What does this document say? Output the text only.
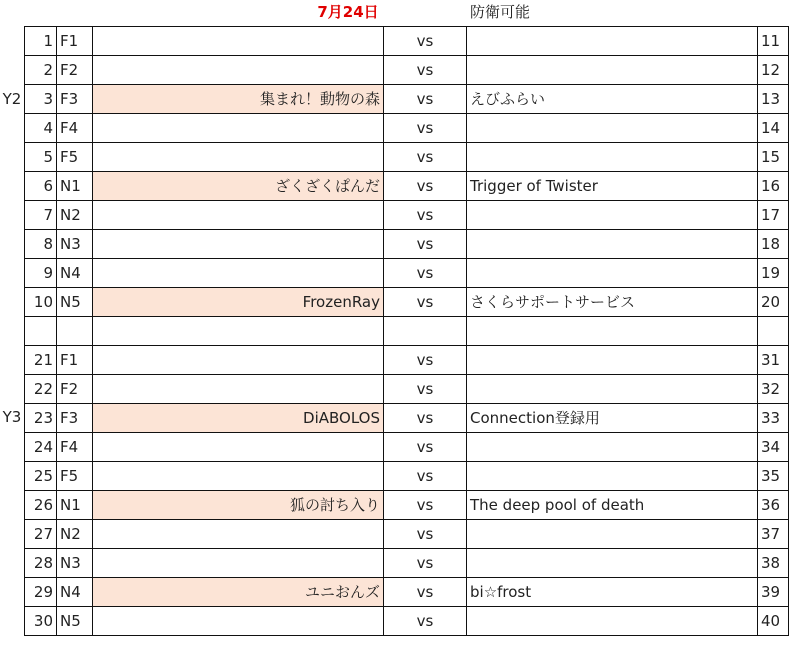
7月24日	防衛可能
Y2
Y3
1	F1		vs		11
2	F2		vs		12
3	F3	集まれ！動物の森	vs	えびふらい	13
4	F4		vs		14
5	F5		vs		15
6	N1	ざくざくぱんだ	vs	Trigger of Twister	16
7	N2		vs		17
8	N3		vs		18
9	N4		vs		19
10	N5	FrozenRay	vs	さくらサポートサービス	20

21	F1		vs		31
22	F2		vs		32
23	F3	DiABOLOS	vs	Connection登録用	33
24	F4		vs		34
25	F5		vs		35
26	N1	狐の討ち入り	vs	The deep pool of death	36
27	N2		vs		37
28	N3		vs		38
29	N4	ユニおんズ	vs	bi☆frost	39
30	N5		vs		40
